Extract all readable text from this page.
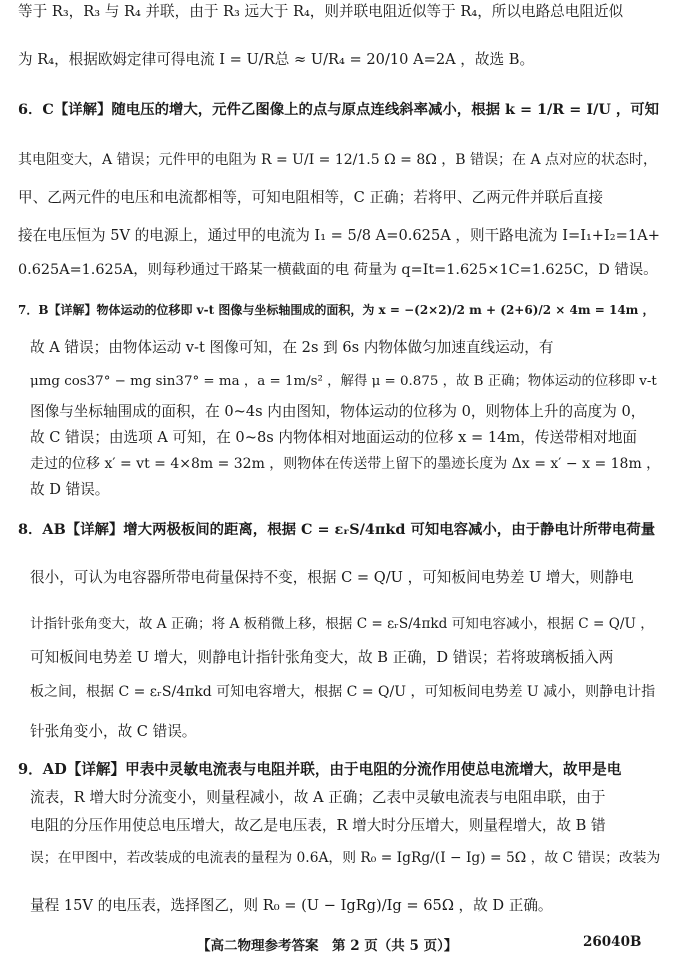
等于 R₃，R₃ 与 R₄ 并联，由于 R₃ 远大于 R₄，则并联电阻近似等于 R₄，所以电路总电阻近似
为 R₄，根据欧姆定律可得电流 I = U/R总 ≈ U/R₄ = 20/10 A=2A ，故选 B。
6．C【详解】随电压的增大，元件乙图像上的点与原点连线斜率减小，根据 k = 1/R = I/U ，可知
其电阻变大，A 错误；元件甲的电阻为 R = U/I = 12/1.5 Ω = 8Ω ，B 错误；在 A 点对应的状态时，
甲、乙两元件的电压和电流都相等，可知电阻相等，C 正确；若将甲、乙两元件并联后直接
接在电压恒为 5V 的电源上，通过甲的电流为 I₁ = 5/8 A=0.625A ，则干路电流为 I=I₁+I₂=1A+
0.625A=1.625A，则每秒通过干路某一横截面的电 荷量为 q=It=1.625×1C=1.625C，D 错误。
7．B【详解】物体运动的位移即 v-t 图像与坐标轴围成的面积，为 x = −(2×2)/2 m + (2+6)/2 × 4m = 14m ，
故 A 错误；由物体运动 v-t 图像可知，在 2s 到 6s 内物体做匀加速直线运动，有
μmg cos37° − mg sin37° = ma ，a = 1m/s² ，解得 μ = 0.875 ，故 B 正确；物体运动的位移即 v-t
图像与坐标轴围成的面积，在 0~4s 内由图知，物体运动的位移为 0，则物体上升的高度为 0，
故 C 错误；由选项 A 可知，在 0~8s 内物体相对地面运动的位移 x = 14m，传送带相对地面
走过的位移 x′ = vt = 4×8m = 32m ，则物体在传送带上留下的墨迹长度为 Δx = x′ − x = 18m ，
故 D 错误。
8．AB【详解】增大两极板间的距离，根据 C = εᵣS/4πkd 可知电容减小，由于静电计所带电荷量
很小，可认为电容器所带电荷量保持不变，根据 C = Q/U ，可知板间电势差 U 增大，则静电
计指针张角变大，故 A 正确；将 A 板稍微上移，根据 C = εᵣS/4πkd 可知电容减小，根据 C = Q/U ，
可知板间电势差 U 增大，则静电计指针张角变大，故 B 正确，D 错误；若将玻璃板插入两
板之间，根据 C = εᵣS/4πkd 可知电容增大，根据 C = Q/U ，可知板间电势差 U 减小，则静电计指
针张角变小，故 C 错误。
9．AD【详解】甲表中灵敏电流表与电阻并联，由于电阻的分流作用使总电流增大，故甲是电
流表，R 增大时分流变小，则量程减小，故 A 正确；乙表中灵敏电流表与电阻串联，由于
电阻的分压作用使总电压增大，故乙是电压表，R 增大时分压增大，则量程增大，故 B 错
误；在甲图中，若改装成的电流表的量程为 0.6A，则 R₀ = IgRg/(I − Ig) = 5Ω ，故 C 错误；改装为
量程 15V 的电压表，选择图乙，则 R₀ = (U − IgRg)/Ig = 65Ω ，故 D 正确。
【高二物理参考答案　第 2 页（共 5 页）】	26040B
